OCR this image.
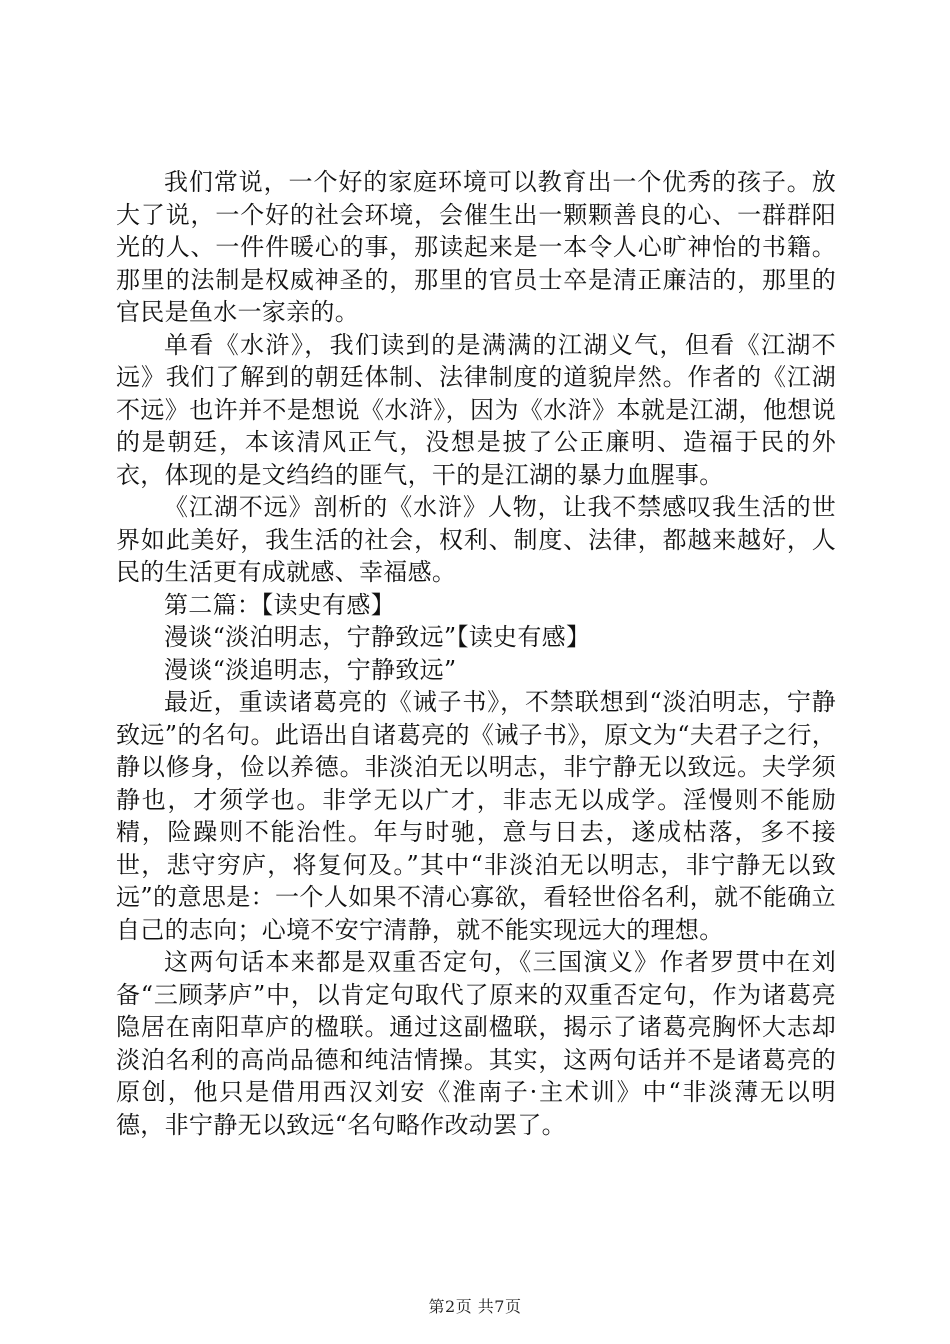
我们常说，一个好的家庭环境可以教育出一个优秀的孩子。放大了说，一个好的社会环境，会催生出一颗颗善良的心、一群群阳光的人、一件件暖心的事，那读起来是一本令人心旷神怡的书籍。那里的法制是权威神圣的，那里的官员士卒是清正廉洁的，那里的官民是鱼水一家亲的。

单看《水浒》，我们读到的是满满的江湖义气，但看《江湖不远》我们了解到的朝廷体制、法律制度的道貌岸然。作者的《江湖不远》也许并不是想说《水浒》，因为《水浒》本就是江湖，他想说的是朝廷，本该清风正气，没想是披了公正廉明、造福于民的外衣，体现的是文绉绉的匪气，干的是江湖的暴力血腥事。

《江湖不远》剖析的《水浒》人物，让我不禁感叹我生活的世界如此美好，我生活的社会，权利、制度、法律，都越来越好，人民的生活更有成就感、幸福感。

第二篇：【读史有感】

漫谈“淡泊明志，宁静致远”【读史有感】

漫谈“淡追明志，宁静致远”

最近，重读诸葛亮的《诫子书》，不禁联想到“淡泊明志，宁静致远”的名句。此语出自诸葛亮的《诫子书》，原文为“夫君子之行，静以修身，俭以养德。非淡泊无以明志，非宁静无以致远。夫学须静也，才须学也。非学无以广才，非志无以成学。淫慢则不能励精，险躁则不能治性。年与时驰，意与日去，遂成枯落，多不接世，悲守穷庐，将复何及。”其中“非淡泊无以明志，非宁静无以致远”的意思是：一个人如果不清心寡欲，看轻世俗名利，就不能确立自己的志向；心境不安宁清静，就不能实现远大的理想。

这两句话本来都是双重否定句，《三国演义》作者罗贯中在刘备“三顾茅庐”中，以肯定句取代了原来的双重否定句，作为诸葛亮隐居在南阳草庐的楹联。通过这副楹联，揭示了诸葛亮胸怀大志却淡泊名利的高尚品德和纯洁情操。其实，这两句话并不是诸葛亮的原创，他只是借用西汉刘安《淮南子·主术训》中“非淡薄无以明德，非宁静无以致远“名句略作改动罢了。

第2页 共7页
